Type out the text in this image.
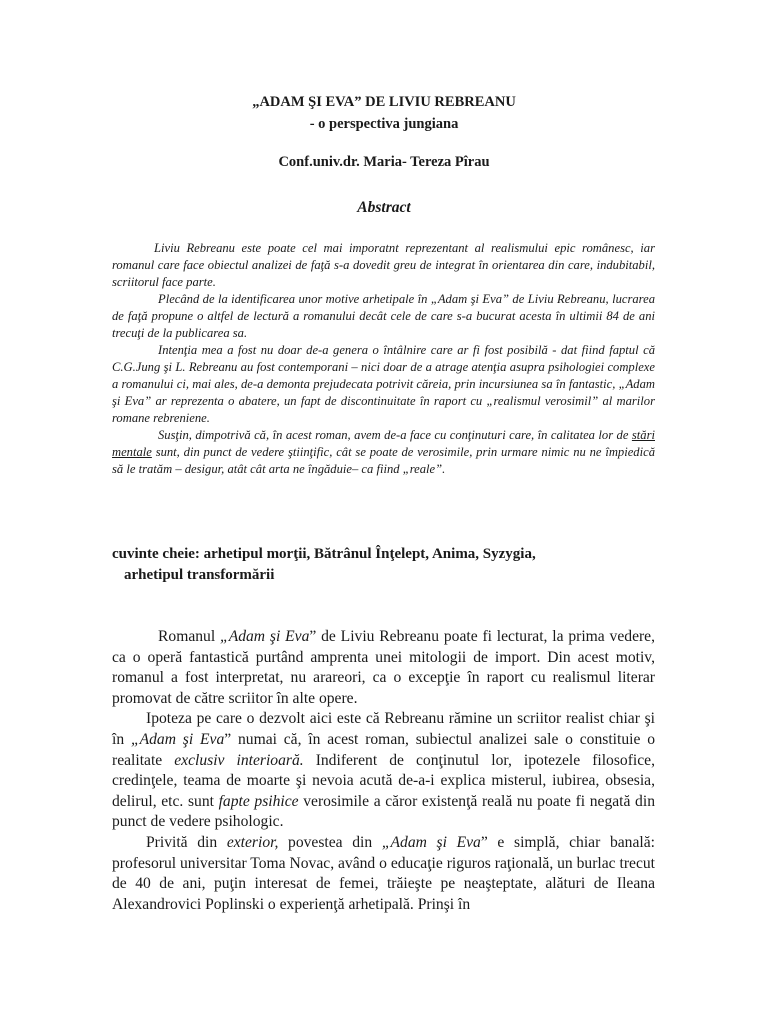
„ADAM ŞI EVA” DE LIVIU REBREANU
- o perspectiva jungiana
Conf.univ.dr. Maria- Tereza Pîrau
Abstract

Liviu Rebreanu este poate cel mai imporatnt reprezentant al realismului epic românesc, iar romanul care face obiectul analizei de faţă s-a dovedit greu de integrat în orientarea din care, indubitabil, scriitorul face parte.

Plecând de la identificarea unor motive arhetipale în „Adam şi Eva” de Liviu Rebreanu, lucrarea de faţă propune o altfel de lectură a romanului decât cele de care s-a bucurat acesta în ultimii 84 de ani trecuţi de la publicarea sa.

Intenţia mea a fost nu doar de-a genera o întâlnire care ar fi fost posibilă - dat fiind faptul că C.G.Jung şi L. Rebreanu au fost contemporani – nici doar de a atrage atenţia asupra psihologiei complexe a romanului ci, mai ales, de-a demonta prejudecata potrivit căreia, prin incursiunea sa în fantastic, „Adam şi Eva” ar reprezenta o abatere, un fapt de discontinuitate în raport cu „realismul verosimil” al marilor romane rebreniene.

Susţin, dimpotrivă că, în acest roman, avem de-a face cu conţinuturi care, în calitatea lor de stări mentale sunt, din punct de vedere ştiinţific, cât se poate de verosimile, prin urmare nimic nu ne împiedică să le tratăm – desigur, atât cât arta ne îngăduie– ca fiind „reale”.

cuvinte cheie: arhetipul morţii, Bătrânul Înţelept, Anima, Syzygia,
arhetipul transformării

Romanul „Adam şi Eva” de Liviu Rebreanu poate fi lecturat, la prima vedere, ca o operă fantastică purtând amprenta unei mitologii de import. Din acest motiv, romanul a fost interpretat, nu arareori, ca o excepţie în raport cu realismul literar promovat de către scriitor în alte opere.

Ipoteza pe care o dezvolt aici este că Rebreanu rămine un scriitor realist chiar şi în „Adam şi Eva” numai că, în acest roman, subiectul analizei sale o constituie o realitate exclusiv interioară. Indiferent de conţinutul lor, ipotezele filosofice, credinţele, teama de moarte şi nevoia acută de-a-i explica misterul, iubirea, obsesia, delirul, etc. sunt fapte psihice verosimile a căror existenţă reală nu poate fi negată din punct de vedere psihologic.

Privită din exterior, povestea din „Adam şi Eva” e simplă, chiar banală: profesorul universitar Toma Novac, având o educaţie riguros raţională, un burlac trecut de 40 de ani, puţin interesat de femei, trăieşte pe neaşteptate, alături de Ileana Alexandrovici Poplinski o experienţă arhetipală. Prinşi în
